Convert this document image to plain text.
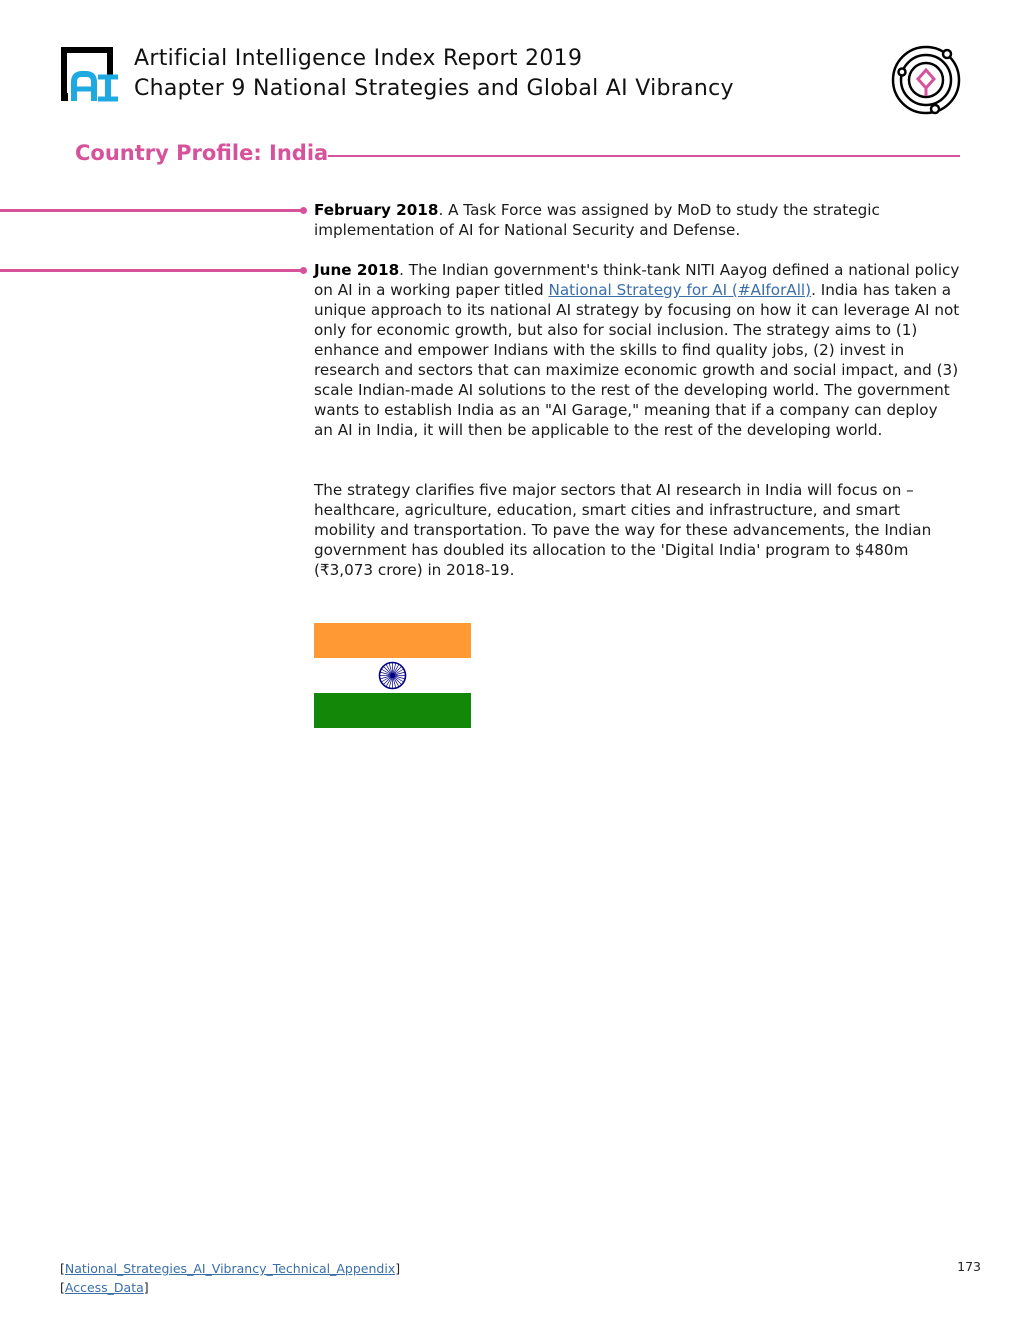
Artificial Intelligence Index Report 2019
Chapter 9 National Strategies and Global AI Vibrancy
Country Profile: India
February 2018. A Task Force was assigned by MoD to study the strategic implementation of AI for National Security and Defense.
June 2018. The Indian government's think-tank NITI Aayog defined a national policy on AI in a working paper titled National Strategy for AI (#AIforAll). India has taken a unique approach to its national AI strategy by focusing on how it can leverage AI not only for economic growth, but also for social inclusion. The strategy aims to (1) enhance and empower Indians with the skills to find quality jobs, (2) invest in research and sectors that can maximize economic growth and social impact, and (3) scale Indian-made AI solutions to the rest of the developing world. The government wants to establish India as an "AI Garage," meaning that if a company can deploy an AI in India, it will then be applicable to the rest of the developing world.
The strategy clarifies five major sectors that AI research in India will focus on – healthcare, agriculture, education, smart cities and infrastructure, and smart mobility and transportation. To pave the way for these advancements, the Indian government has doubled its allocation to the 'Digital India' program to $480m (₹3,073 crore) in 2018-19.
[National_Strategies_AI_Vibrancy_Technical_Appendix]
[Access_Data]
173
